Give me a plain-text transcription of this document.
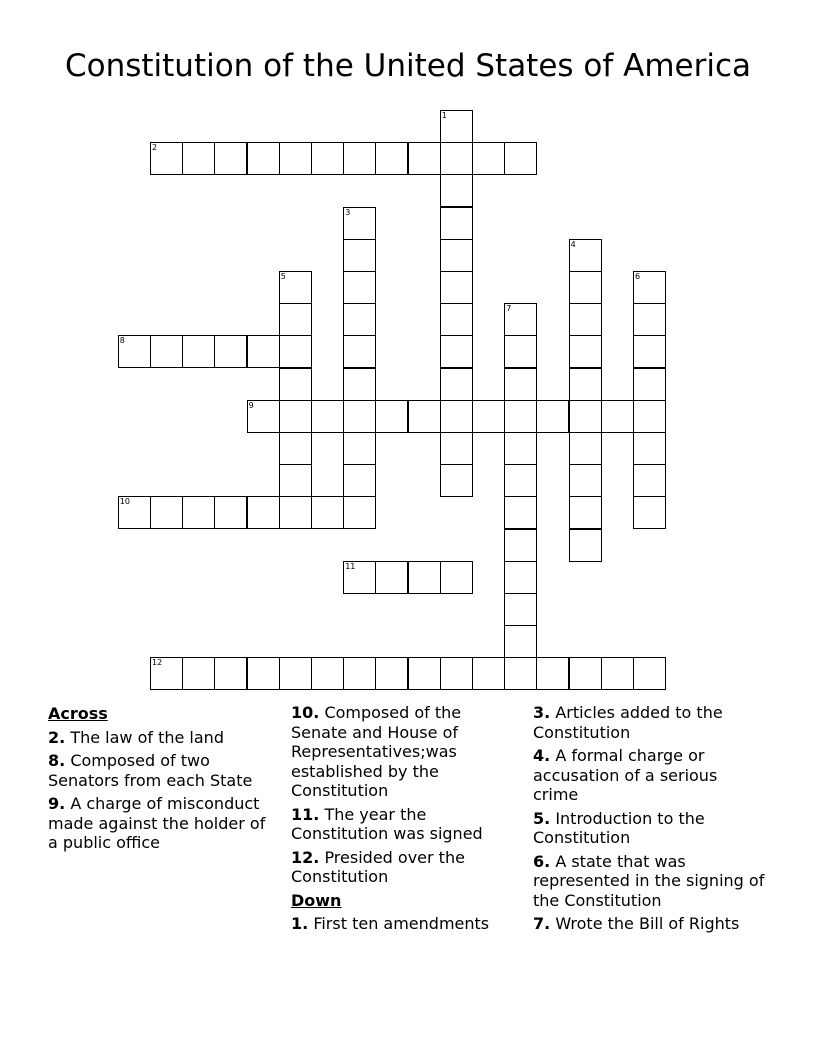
Constitution of the United States of America
2
8
9
10
11
12
1
3
4
5	6
7
Across
2. The law of the land
8. Composed of two Senators from each State
9. A charge of misconduct made against the holder of a public office
10. Composed of the Senate and House of Representatives;was established by the Constitution
11. The year the Constitution was signed
12. Presided over the Constitution
Down
1. First ten amendments
3. Articles added to the Constitution
4. A formal charge or accusation of a serious crime
5. Introduction to the Constitution
6. A state that was represented in the signing of the Constitution
7. Wrote the Bill of Rights
